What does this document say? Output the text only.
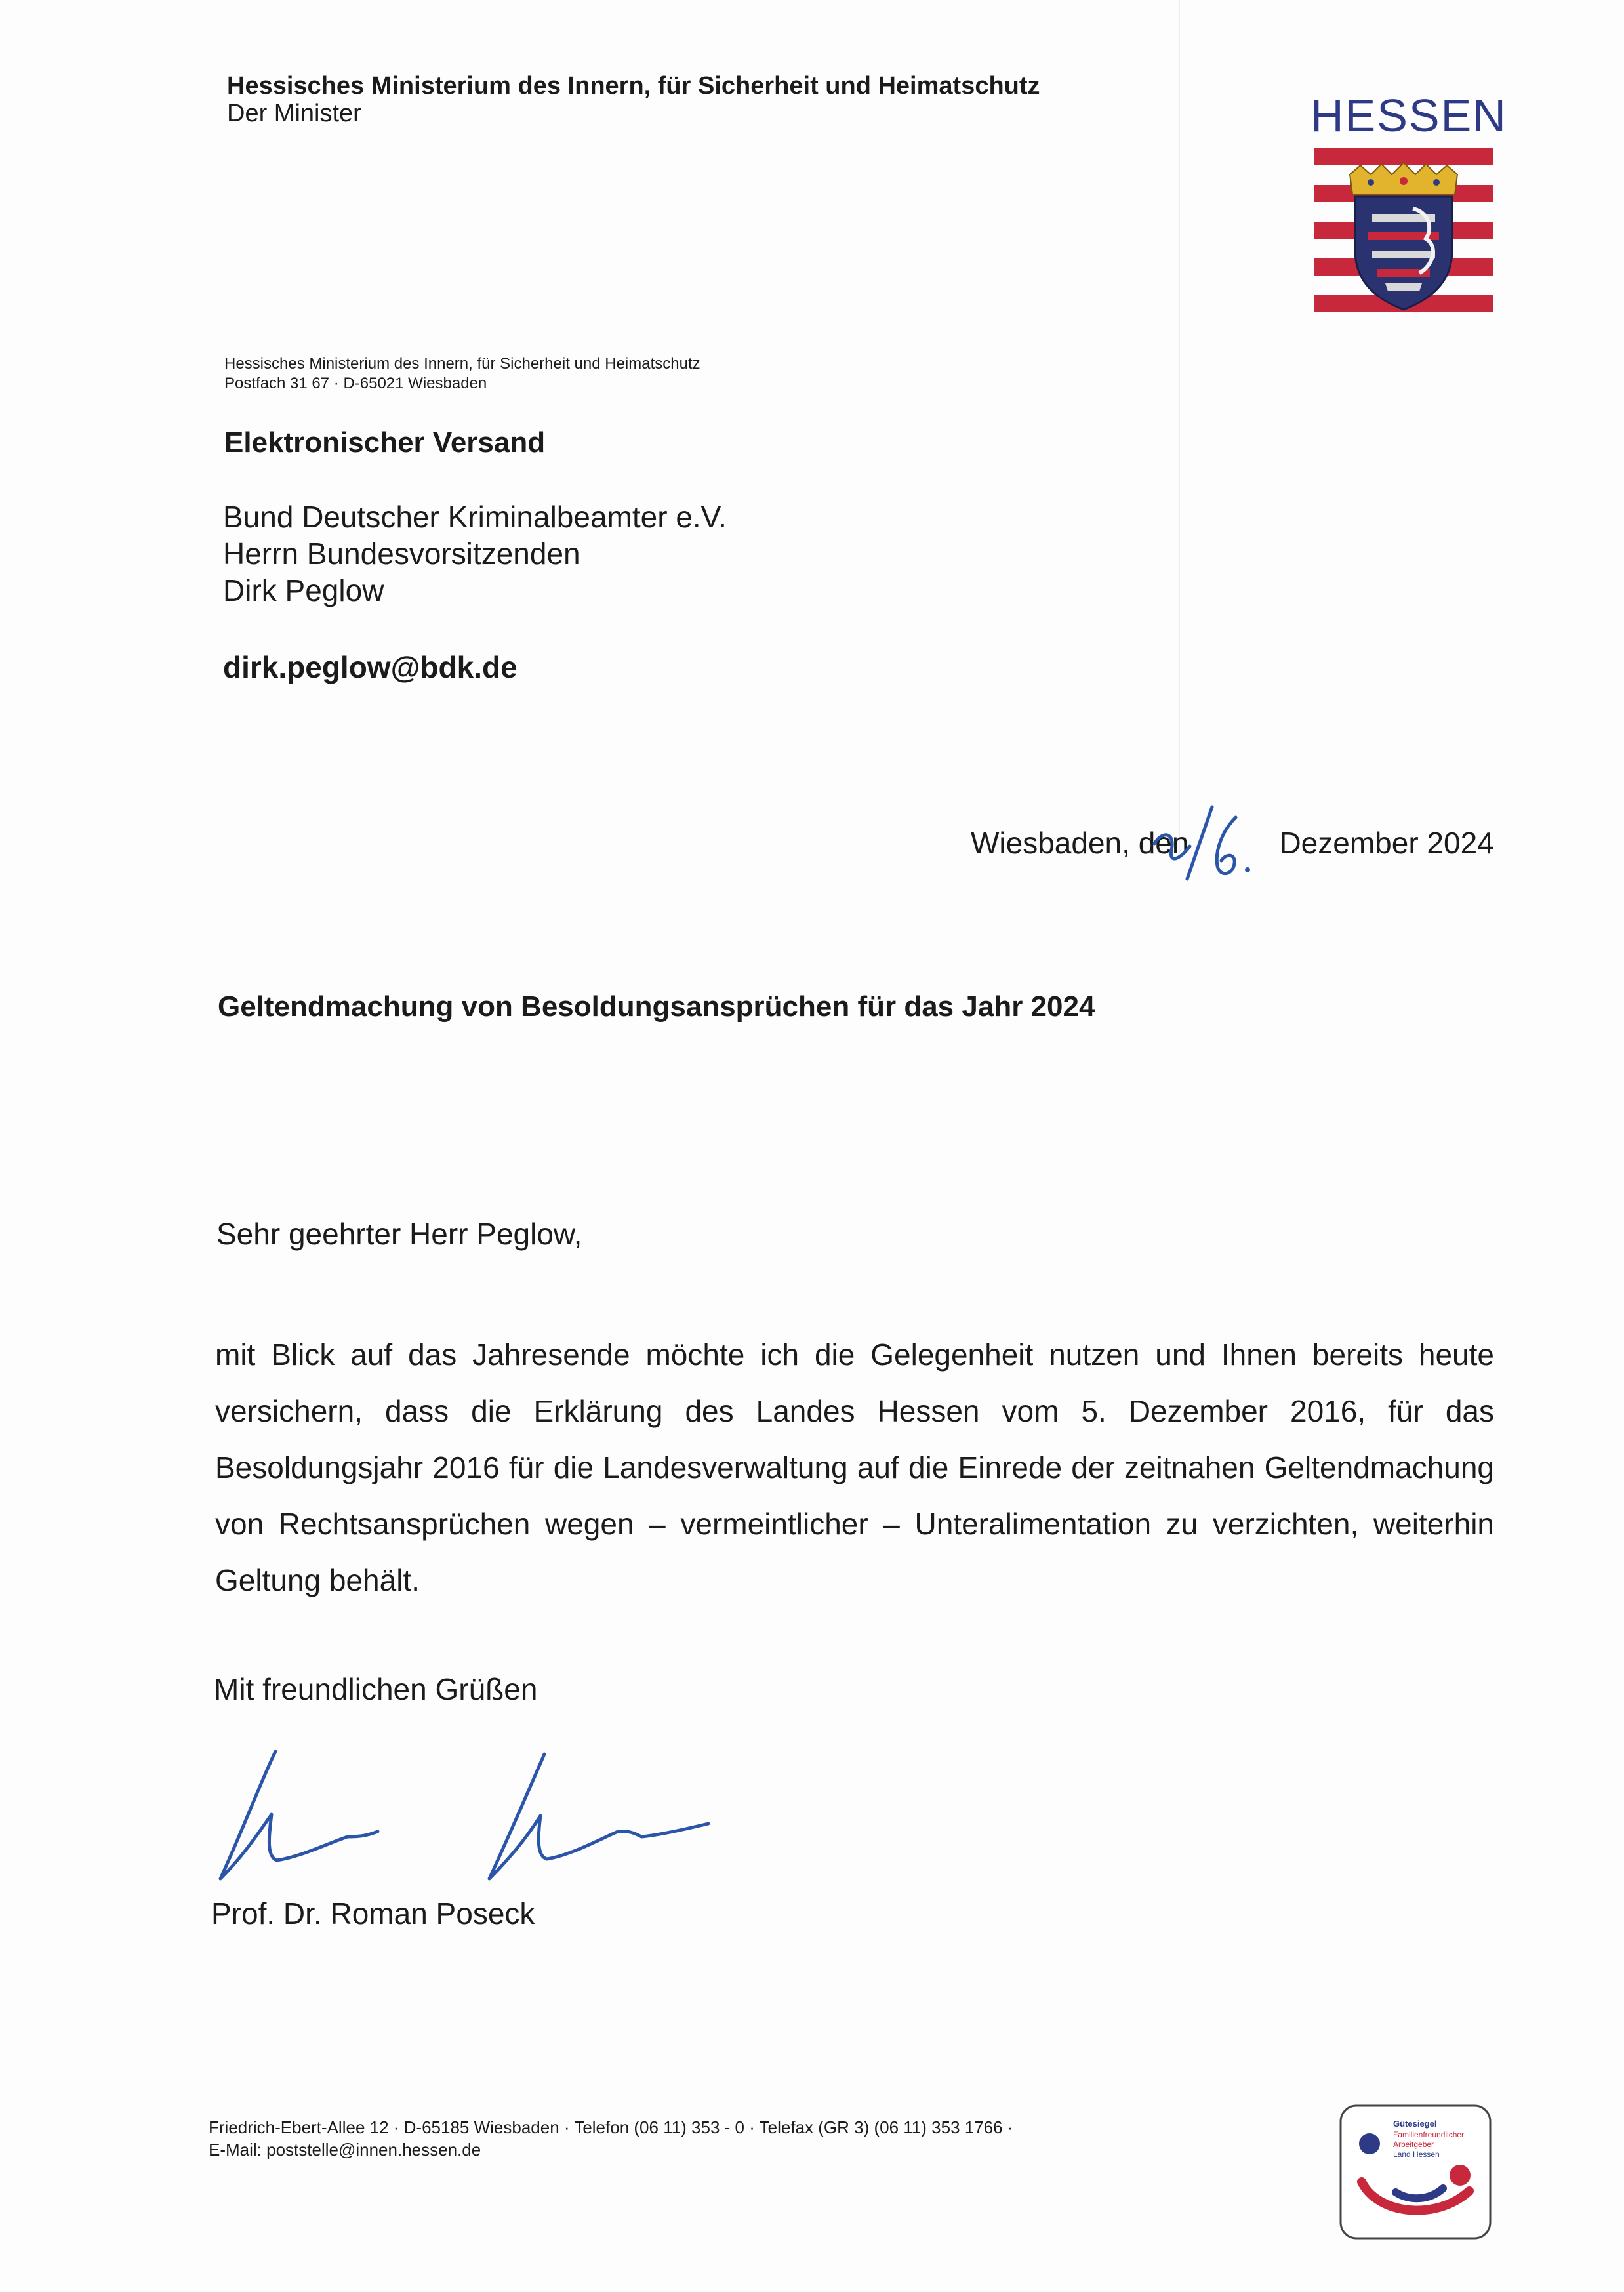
Hessisches Ministerium des Innern, für Sicherheit und Heimatschutz
Der Minister	HESSEN
Hessisches Ministerium des Innern, für Sicherheit und Heimatschutz
Postfach 31 67 · D-65021 Wiesbaden
Elektronischer Versand
Bund Deutscher Kriminalbeamter e.V.
Herrn Bundesvorsitzenden
Dirk Peglow
dirk.peglow@bdk.de
Wiesbaden, den	Dezember 2024
Geltendmachung von Besoldungsansprüchen für das Jahr 2024
Sehr geehrter Herr Peglow,
mit Blick auf das Jahresende möchte ich die Gelegenheit nutzen und Ihnen bereits heute versichern, dass die Erklärung des Landes Hessen vom 5. Dezember 2016, für das Besoldungsjahr 2016 für die Landesverwaltung auf die Einrede der zeitnahen Geltendmachung von Rechtsansprüchen wegen – vermeintlicher – Unteralimentation zu verzichten, weiterhin Geltung behält.
Mit freundlichen Grüßen
Prof. Dr. Roman Poseck
Friedrich-Ebert-Allee 12 · D-65185 Wiesbaden · Telefon (06 11) 353 - 0 · Telefax (GR 3) (06 11) 353 1766 ·
E-Mail: poststelle@innen.hessen.de
Gütesiegel
Familienfreundlicher
Arbeitgeber
Land Hessen
